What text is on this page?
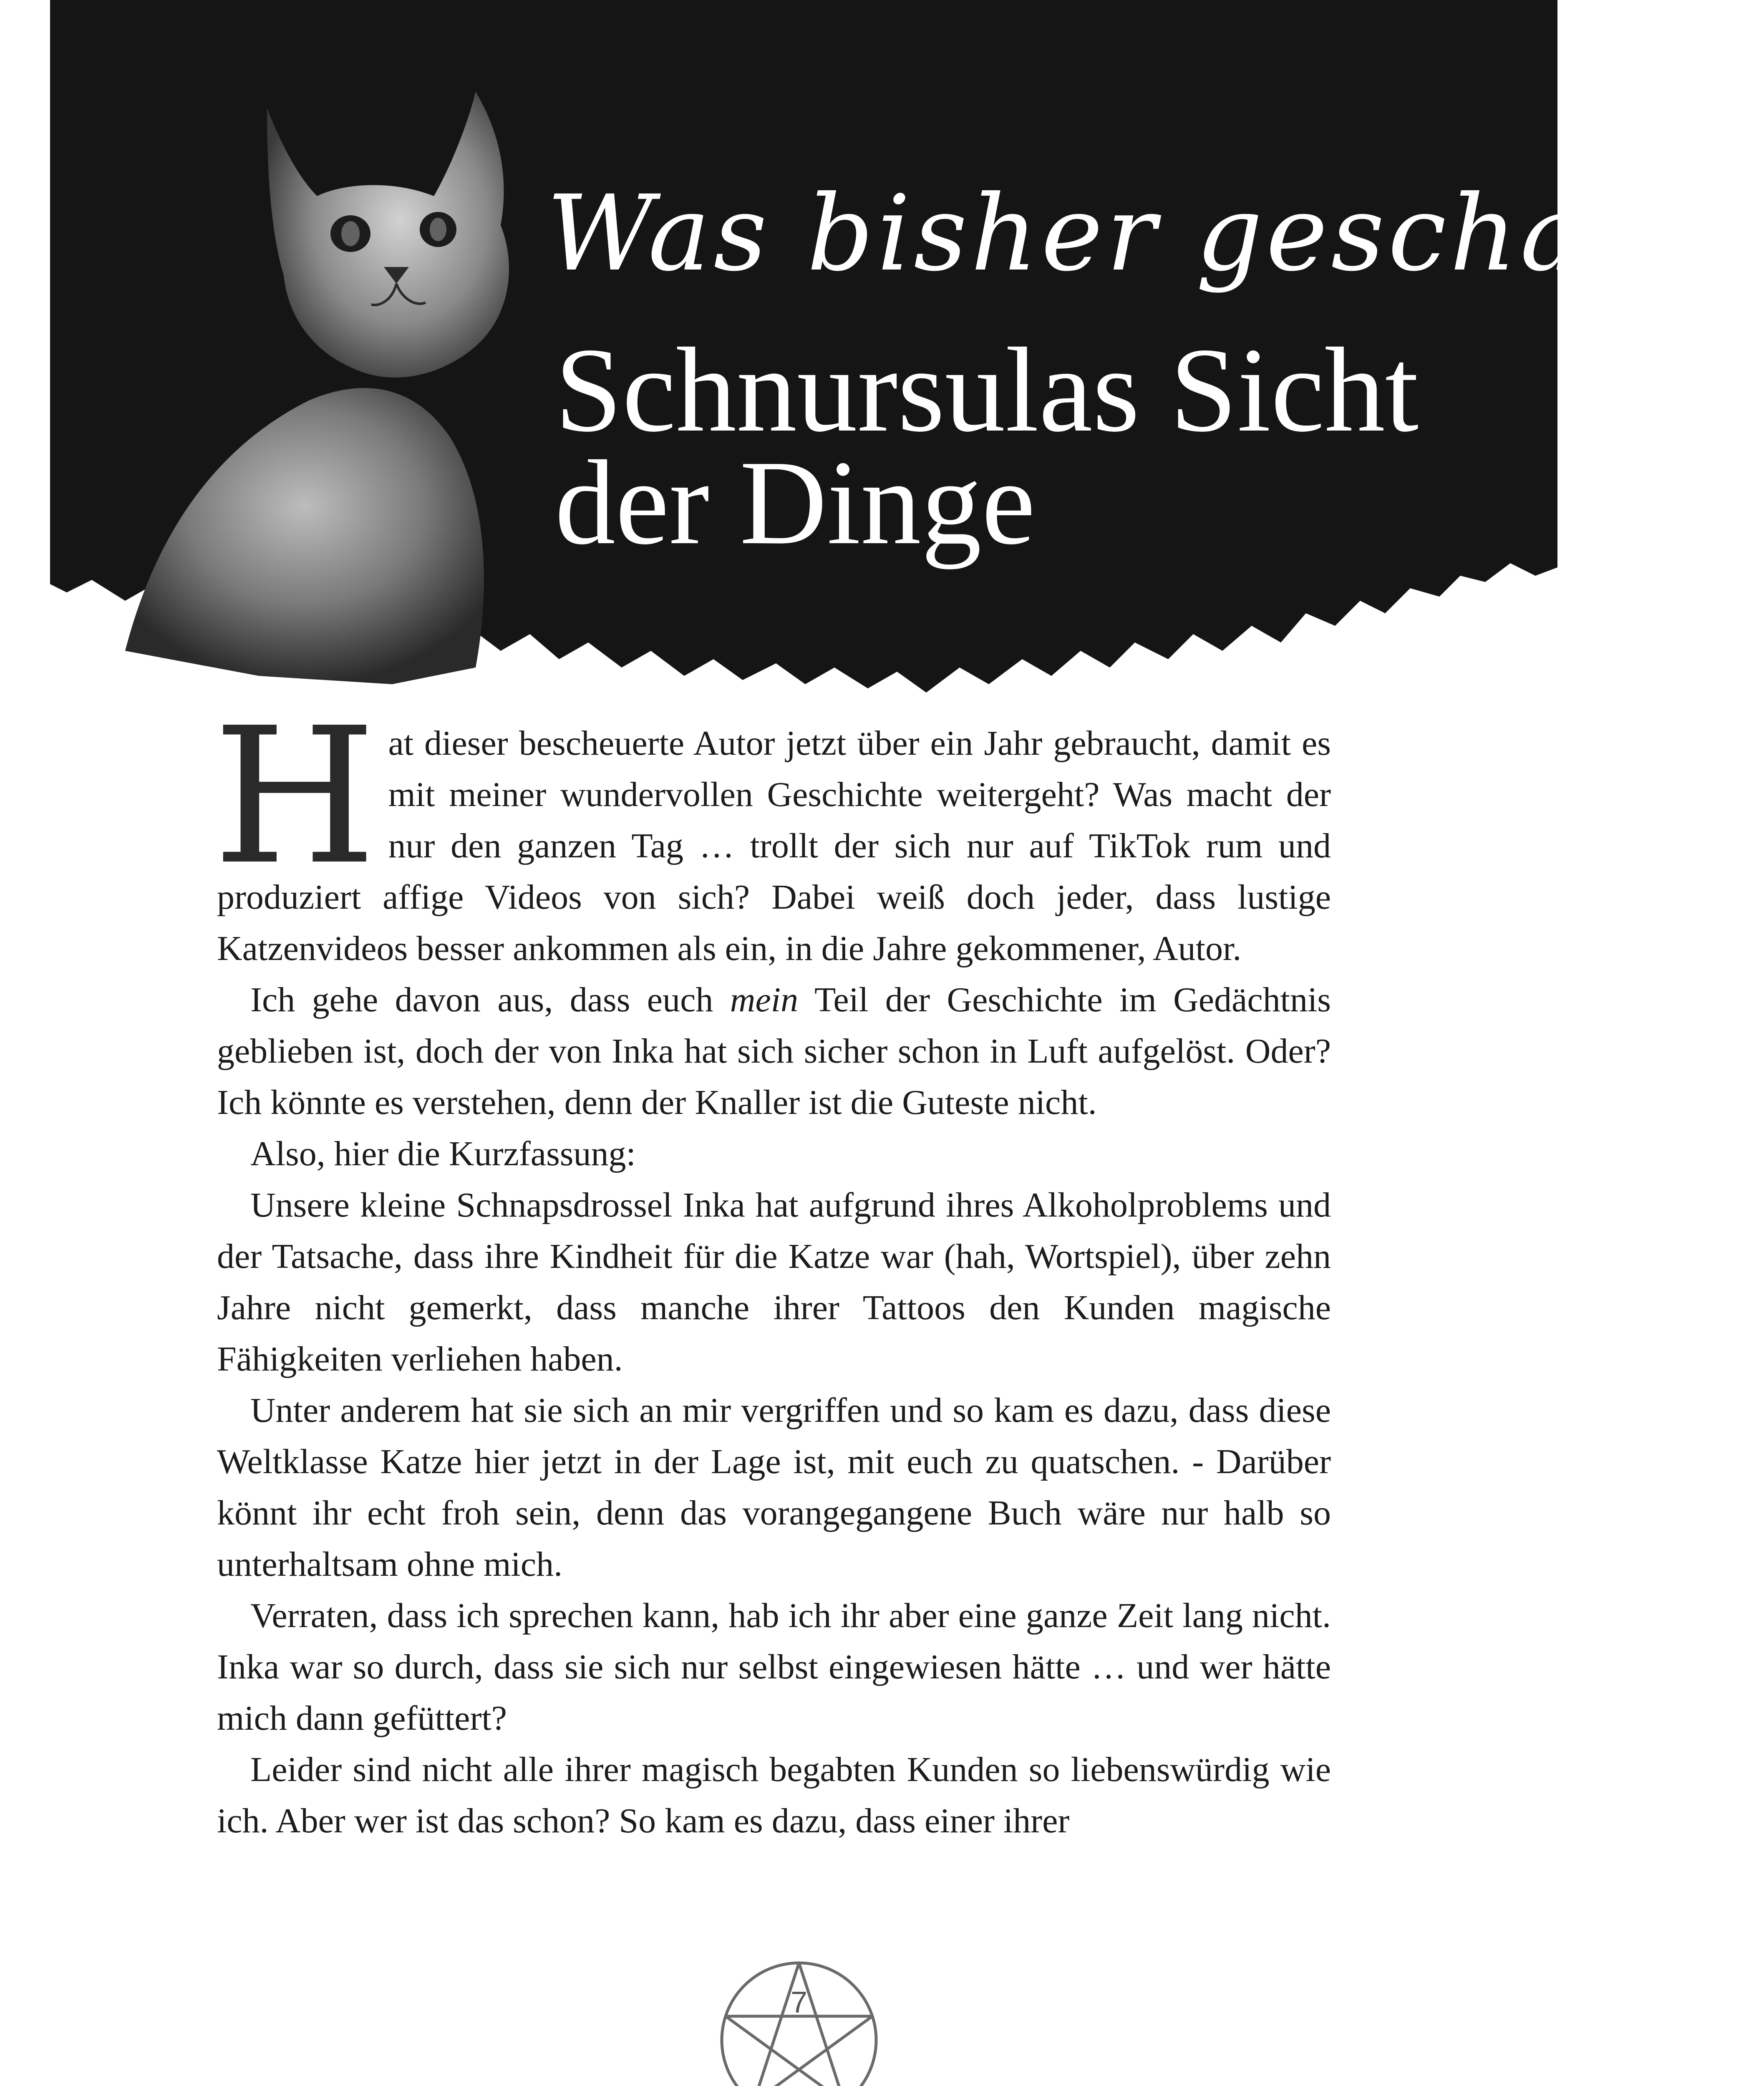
Was bisher geschah…
Schnursulas Sicht
der Dinge

Hat dieser bescheuerte Autor jetzt über ein Jahr gebraucht, damit es mit meiner wundervollen Geschichte weitergeht? Was macht der nur den ganzen Tag … trollt der sich nur auf TikTok rum und produziert affige Videos von sich? Dabei weiß doch jeder, dass lustige Katzenvideos besser ankommen als ein, in die Jahre gekommener, Autor.

Ich gehe davon aus, dass euch mein Teil der Geschichte im Gedächtnis geblieben ist, doch der von Inka hat sich sicher schon in Luft aufgelöst. Oder? Ich könnte es verstehen, denn der Knaller ist die Guteste nicht.

Also, hier die Kurzfassung:

Unsere kleine Schnapsdrossel Inka hat aufgrund ihres Alkoholproblems und der Tatsache, dass ihre Kindheit für die Katze war (hah, Wortspiel), über zehn Jahre nicht gemerkt, dass manche ihrer Tattoos den Kunden magische Fähigkeiten verliehen haben.

Unter anderem hat sie sich an mir vergriffen und so kam es dazu, dass diese Weltklasse Katze hier jetzt in der Lage ist, mit euch zu quatschen. - Darüber könnt ihr echt froh sein, denn das vorangegangene Buch wäre nur halb so unterhaltsam ohne mich.

Verraten, dass ich sprechen kann, hab ich ihr aber eine ganze Zeit lang nicht. Inka war so durch, dass sie sich nur selbst eingewiesen hätte … und wer hätte mich dann gefüttert?

Leider sind nicht alle ihrer magisch begabten Kunden so liebenswürdig wie ich. Aber wer ist das schon? So kam es dazu, dass einer ihrer

7
